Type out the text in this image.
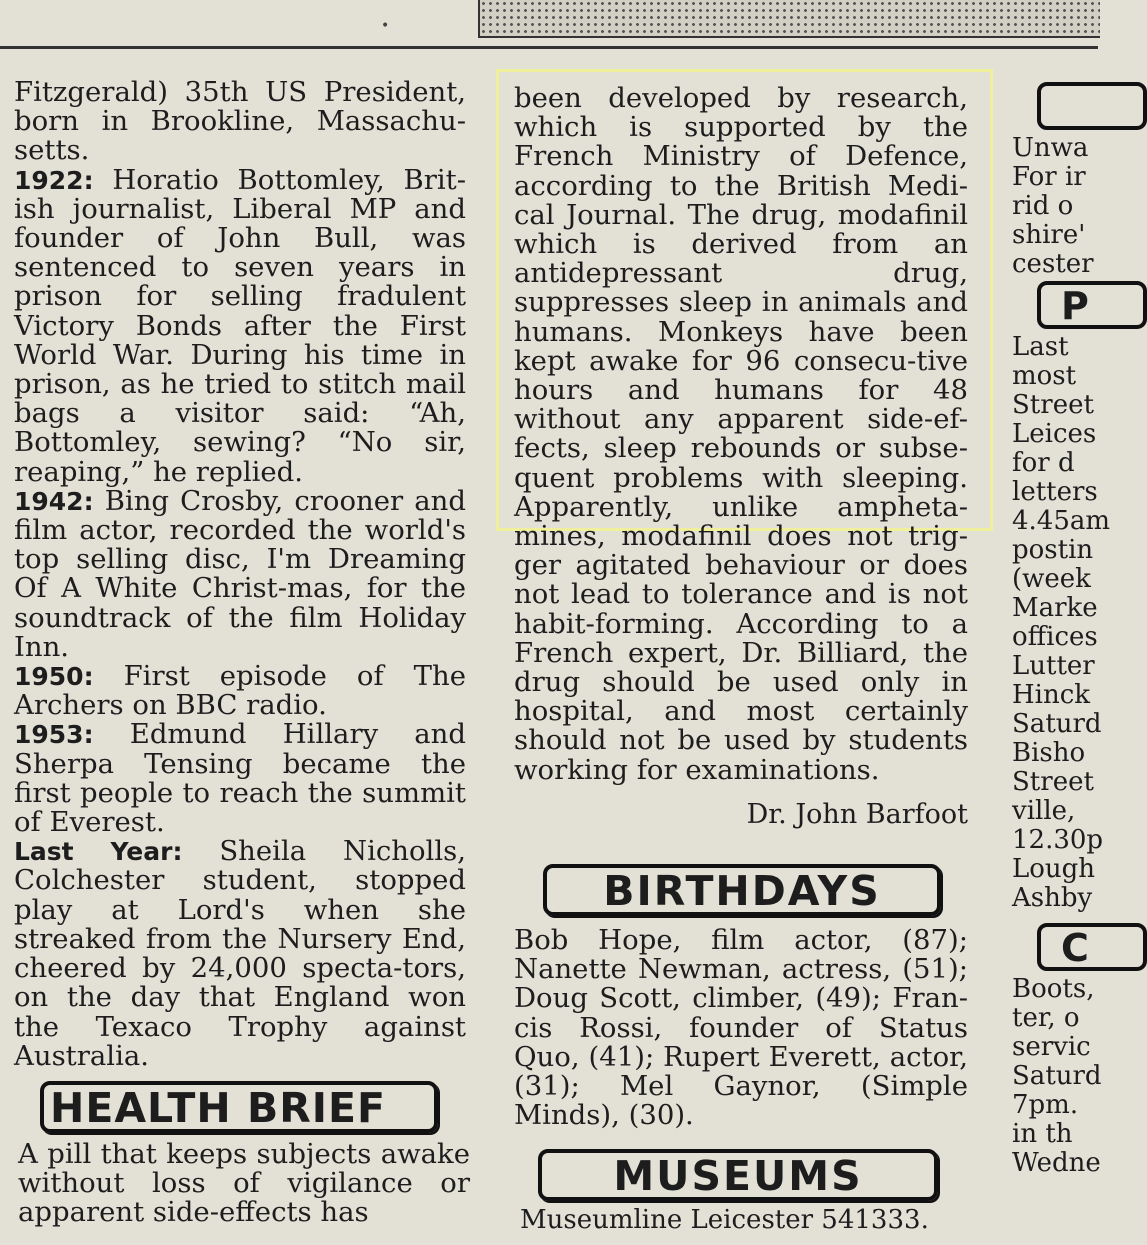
•

Fitzgerald) 35th US President, born in Brookline, Massachu-setts.

1922: Horatio Bottomley, Brit-ish journalist, Liberal MP and founder of John Bull, was sentenced to seven years in prison for selling fradulent Victory Bonds after the First World War. During his time in prison, as he tried to stitch mail bags a visitor said: “Ah, Bottomley, sewing? “No sir, reaping,” he replied.

1942: Bing Crosby, crooner and film actor, recorded the world's top selling disc, I'm Dreaming Of A White Christ-mas, for the soundtrack of the film Holiday Inn.

1950: First episode of The Archers on BBC radio.

1953: Edmund Hillary and Sherpa Tensing became the first people to reach the summit of Everest.

Last Year: Sheila Nicholls, Colchester student, stopped play at Lord's when she streaked from the Nursery End, cheered by 24,000 specta-tors, on the day that England won the Texaco Trophy against Australia.

HEALTH BRIEF

A pill that keeps subjects awake without loss of vigilance or apparent side-effects has

been developed by research, which is supported by the French Ministry of Defence, according to the British Medi-cal Journal. The drug, modafinil which is derived from an antidepressant drug, suppresses sleep in animals and humans. Monkeys have been kept awake for 96 consecu-tive hours and humans for 48 without any apparent side-ef-fects, sleep rebounds or subse-quent problems with sleeping. Apparently, unlike ampheta-mines, modafinil does not trig-ger agitated behaviour or does not lead to tolerance and is not habit-forming. According to a French expert, Dr. Billiard, the drug should be used only in hospital, and most certainly should not be used by students working for examinations.

Dr. John Barfoot

BIRTHDAYS

Bob Hope, film actor, (87); Nanette Newman, actress, (51); Doug Scott, climber, (49); Fran-cis Rossi, founder of Status Quo, (41); Rupert Everett, actor, (31); Mel Gaynor, (Simple Minds), (30).

MUSEUMS

Museumline Leicester 541333.

Unwa
For ir
rid o
shire'
cester
P
Last
most
Street
Leices
for d
letters
4.45am
postin
(week
Marke
offices
Lutter
Hinck
Saturd
Bisho
Street
ville,
12.30p
Lough
Ashby
C
Boots,
ter, o
servic
Saturd
7pm.
in th
Wedne
